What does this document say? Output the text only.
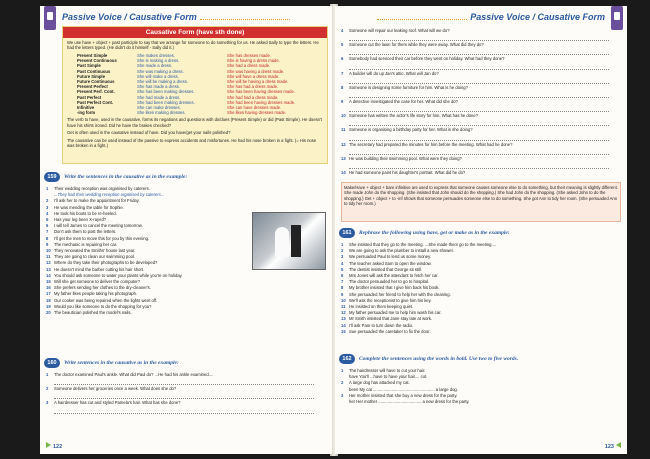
Passive Voice / Causative Form
Causative Form (have sth done)
We use have + object + past participle to say that we arrange for someone to do something for us. He asked Sally to type the letters. He had the letters typed. (He didn't do it himself - Sally did it.)
Present Simple	She makes dresses.	She has dresses made.
Present Continuous	She is making a dress.	She is having a dress made.
Past Simple	She made a dress.	She had a dress made.
Past Continuous	She was making a dress.	She was having a dress made.
Future Simple	She will make a dress.	She will have a dress made.
Future Continuous	She will be making a dress.	She will be having a dress made.
Present Perfect	She has made a dress.	She has had a dress made.
Present Perf. Cont.	She has been making dresses.	She has been having dresses made.
Past Perfect	She had made a dress.	She had had a dress made.
Past Perfect Cont.	She had been making dresses.	She had been having dresses made.
Infinitive	She can make dresses.	She can have dresses made.
-ing form	She likes making dresses.	She likes having dresses made.
The verb to have, used in the causative, forms its negations and questions with do/does (Present Simple) or did (Past Simple). He doesn't have his shirts ironed. Did he have the brakes checked?
Get is often used in the causative instead of have. Did you have/get your nails polished?
The causative can be used instead of the passive to express accidents and misfortunes. He had his nose broken in a fight. (= His nose was broken in a fight.)
159	Write the sentences in the causative as in the example:
1 Their wedding reception was organised by caterers.
...They had their wedding reception organised by caterers...
2 I'll ask her to make the appointment for Friday.
3 He was mending the table for Sophie.
4 He took his boots to be re-heeled.
5 Has your leg been X-rayed?
6 I will tell James to cancel the meeting tomorrow.
7 Don't ask them to post the letters.
8 I'll get the men to move this for you by this evening.
9 The mechanic is repairing her car.
10 They renovated the Smiths' house last year.
11 They are going to clean our swimming pool.
12 Where do they take their photographs to be developed?
13 He doesn't mind the barber cutting his hair short.
14 You should ask someone to water your plants while you're on holiday.
15 Will she get someone to deliver the computer?
16 She prefers sending her clothes to the dry-cleaner's.
17 My father likes people taking his photograph.
18 Our cooker was being repaired when the lights went off.
19 Would you like someone to do the shopping for you?
20 The beautician polished the model's nails.
160	Write sentences in the causative as in the example:
1 The doctor examined Paul's ankle. What did Paul do? ...He had his ankle examined....
2 Someone delivers her groceries once a week. What does she do?
3 A hairdresser has cut and styled Pamela's hair. What has she done?
122
Passive Voice / Causative Form
4 Someone will repair our leaking roof. What will we do?
5 Someone cut the lawn for them while they were away. What did they do?
6 Somebody had serviced their car before they went on holiday. What had they done?
7 A builder will do up Jan's attic. What will Jan do?
8 Someone is designing some furniture for him. What is he doing?
9 A detective investigated the case for her. What did she do?
10 Someone has written the actor's life story for him. What has he done?
11 Someone is organising a birthday party for her. What is she doing?
12 The secretary had prepared the minutes for him before the meeting. What had he done?
13 He was building their swimming pool. What were they doing?
14 He had someone paint his daughter's portrait. What did he do?
Make/Have + object + bare infinitive are used to express that someone causes someone else to do something, but their meaning is slightly different. She made John do the shopping. (She insisted that John should do the shopping.) She had John do the shopping. (She asked John to do the shopping.) Get + object + to -inf shows that someone persuades someone else to do something. She got Ann to tidy her room. (She persuaded Ann to tidy her room.)
161	Rephrase the following using have, get or make as in the example:
1 She insisted that they go to the meeting. ...She made them go to the meeting....
2 We are going to ask the plumber to install a new shower.
3 We persuaded Paul to lend us some money.
4 The teacher asked Sam to open the window.
5 The dentist insisted that George sit still.
6 Mrs Jones will ask the attendant to fetch her car.
7 The doctor persuaded her to go to hospital.
8 My brother insisted that I give him back his book.
9 She persuaded her friend to help her with the cleaning.
10 We'll ask the receptionist to give him his key.
11 He insisted on them keeping quiet.
12 My father persuaded me to help him wash his car.
13 Mr Smith insisted that Jane stay late at work.
14 I'll ask Pam to turn down the radio.
15 Sue persuaded the caretaker to fix the door.
162	Complete the sentences using the words in bold. Use two to five words.
1 The hairdresser will have to cut your hair.
have You'll ...have to have your hair.... cut.
2 A large dog has attacked my cat.
been My cat ..................................................... a large dog.
3 Her mother insisted that she buy a new dress for the party.
her Her mother ..................................... a new dress for the party.
123
